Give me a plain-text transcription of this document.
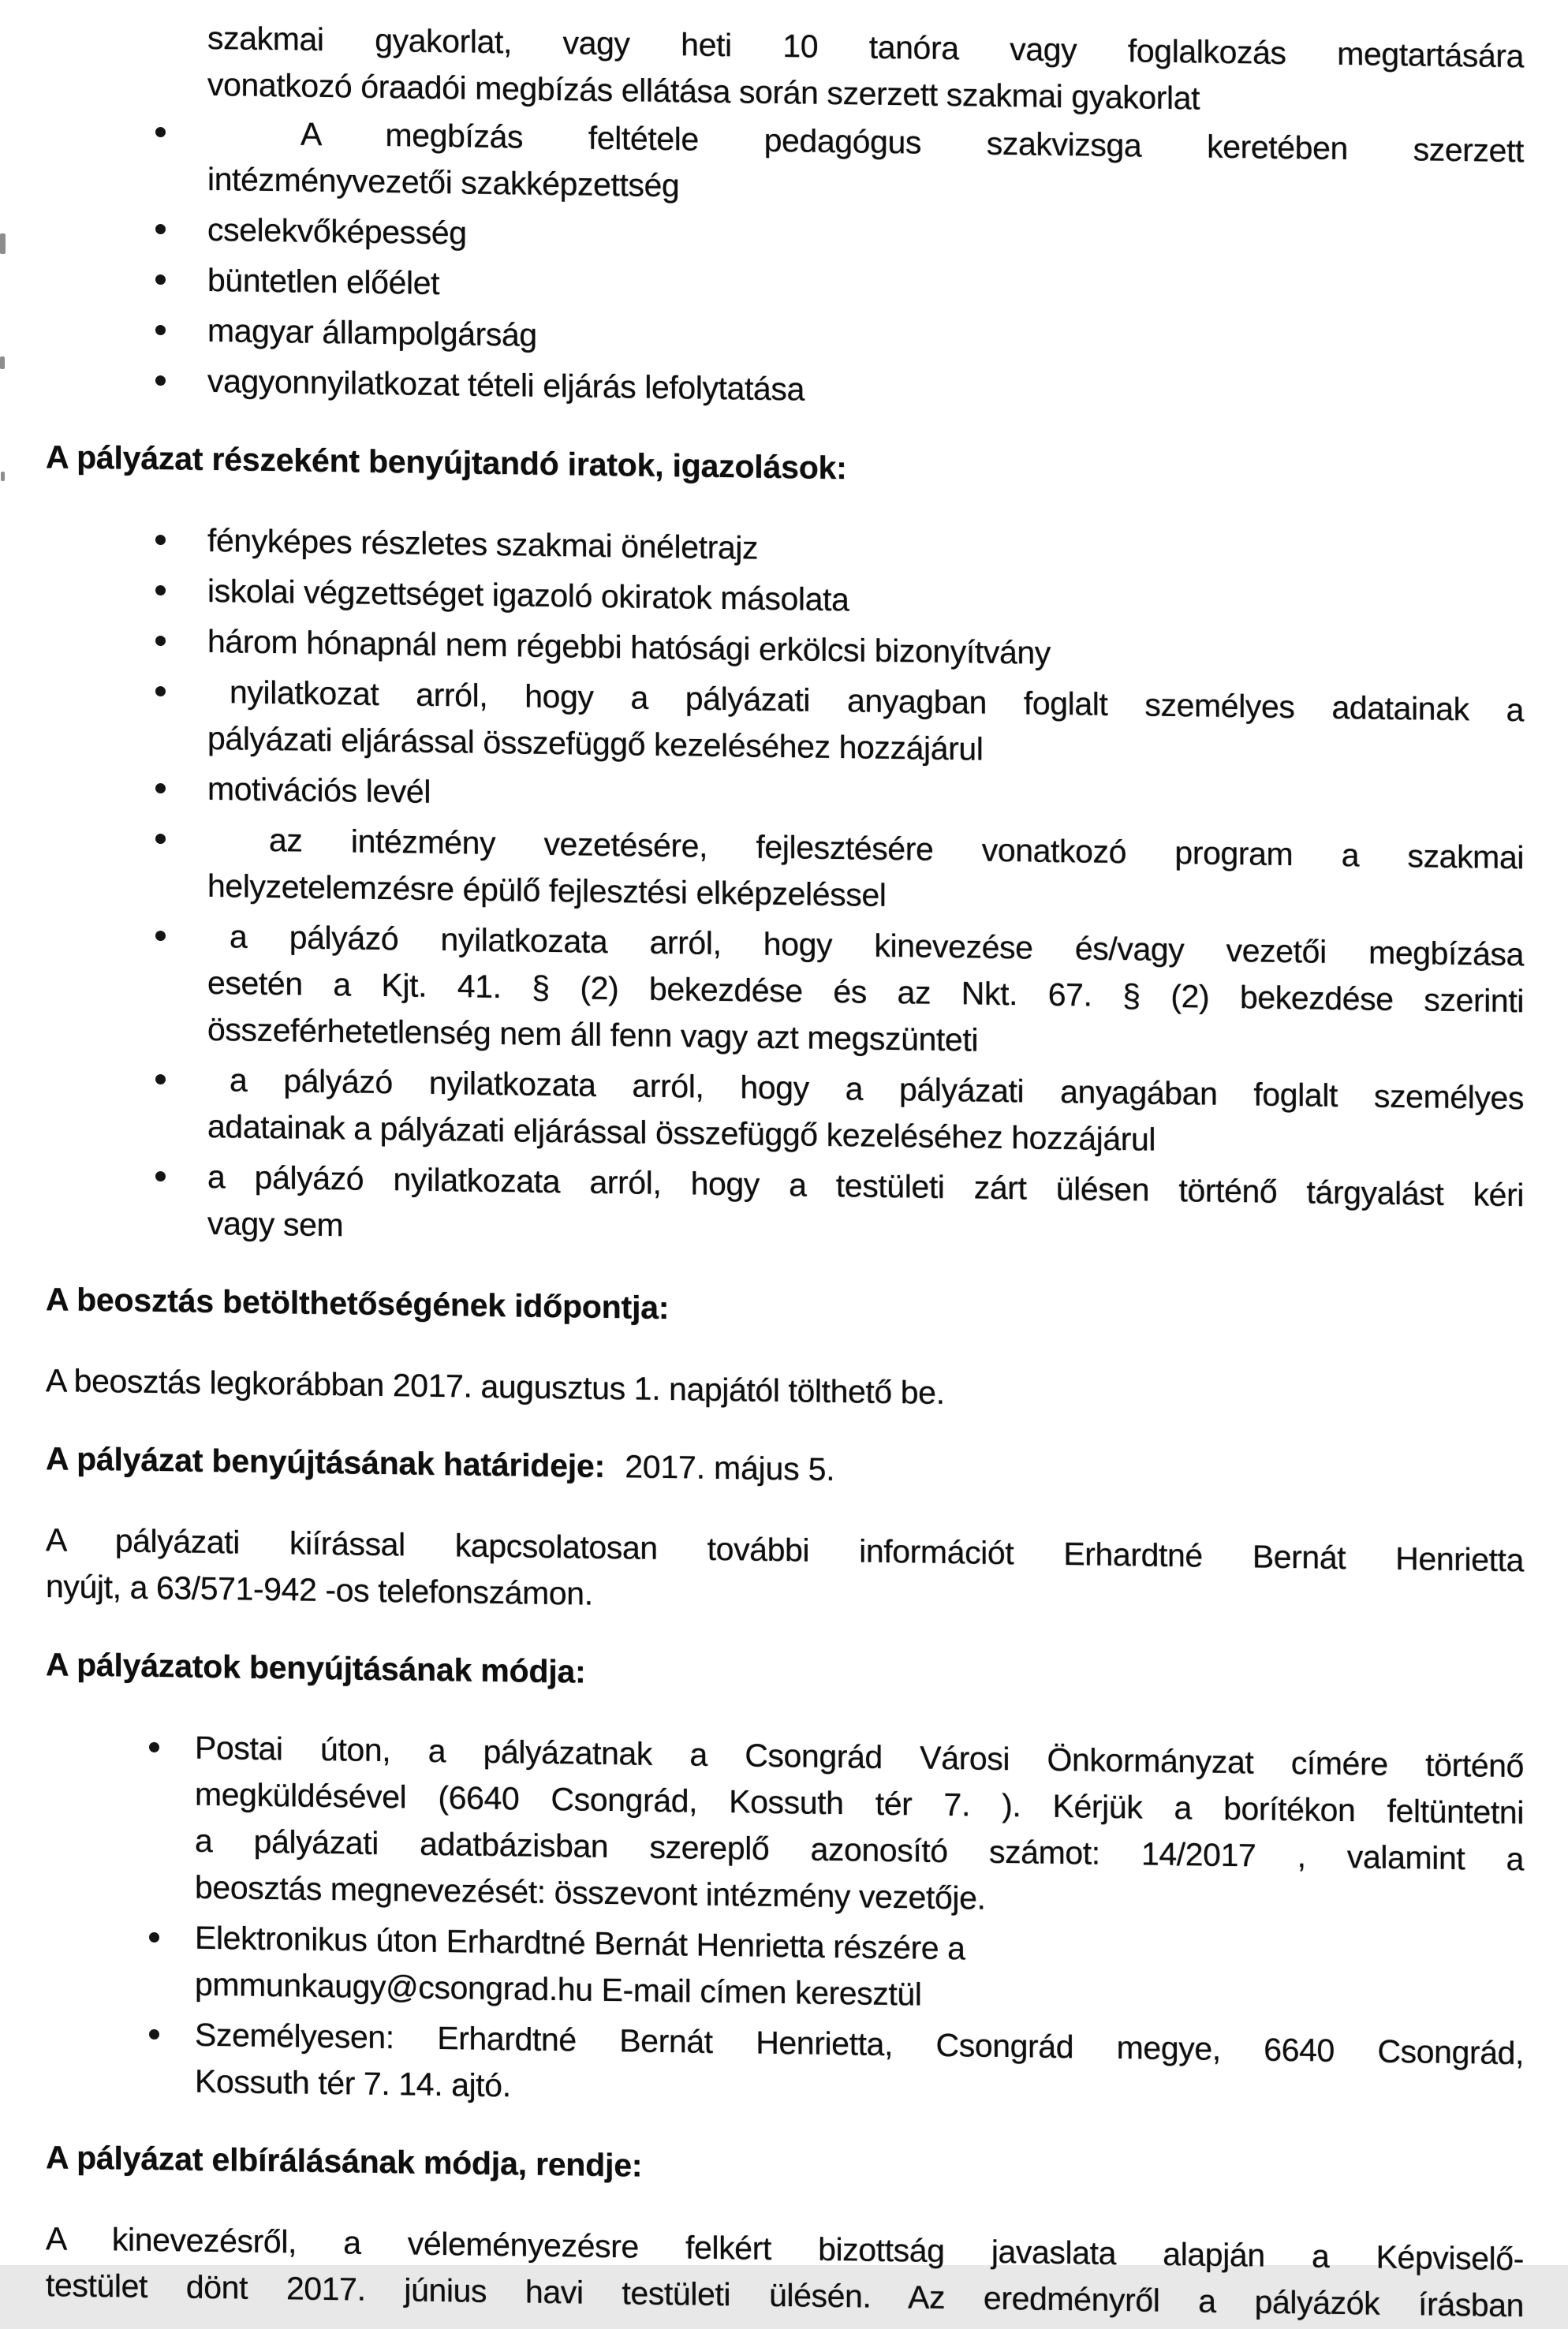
szakmai gyakorlat, vagy heti 10 tanóra vagy foglalkozás megtartására
vonatkozó óraadói megbízás ellátása során szerzett szakmai gyakorlat
A megbízás feltétele pedagógus szakvizsga keretében szerzett
intézményvezetői szakképzettség
cselekvőképesség
büntetlen előélet
magyar állampolgárság
vagyonnyilatkozat tételi eljárás lefolytatása
A pályázat részeként benyújtandó iratok, igazolások:
fényképes részletes szakmai önéletrajz
iskolai végzettséget igazoló okiratok másolata
három hónapnál nem régebbi hatósági erkölcsi bizonyítvány
nyilatkozat arról, hogy a pályázati anyagban foglalt személyes adatainak a
pályázati eljárással összefüggő kezeléséhez hozzájárul
motivációs levél
az intézmény vezetésére, fejlesztésére vonatkozó program a szakmai
helyzetelemzésre épülő fejlesztési elképzeléssel
a pályázó nyilatkozata arról, hogy kinevezése és/vagy vezetői megbízása
esetén a Kjt. 41. § (2) bekezdése és az Nkt. 67. § (2) bekezdése szerinti
összeférhetetlenség nem áll fenn vagy azt megszünteti
a pályázó nyilatkozata arról, hogy a pályázati anyagában foglalt személyes
adatainak a pályázati eljárással összefüggő kezeléséhez hozzájárul
a pályázó nyilatkozata arról, hogy a testületi zárt ülésen történő tárgyalást kéri
vagy sem
A beosztás betölthetőségének időpontja:

A beosztás legkorábban 2017. augusztus 1. napjától tölthető be.

A pályázat benyújtásának határideje: 2017. május 5.
A pályázati kiírással kapcsolatosan további információt Erhardtné Bernát Henrietta
nyújt, a 63/571-942 -os telefonszámon.
A pályázatok benyújtásának módja:
Postai úton, a pályázatnak a Csongrád Városi Önkormányzat címére történő
megküldésével (6640 Csongrád, Kossuth tér 7. ). Kérjük a borítékon feltüntetni
a pályázati adatbázisban szereplő azonosító számot: 14/2017 , valamint a
beosztás megnevezését: összevont intézmény vezetője.
Elektronikus úton Erhardtné Bernát Henrietta részére a
pmmunkaugy@csongrad.hu E-mail címen keresztül
Személyesen: Erhardtné Bernát Henrietta, Csongrád megye, 6640 Csongrád,
Kossuth tér 7. 14. ajtó.
A pályázat elbírálásának módja, rendje:
A kinevezésről, a véleményezésre felkért bizottság javaslata alapján a Képviselő-
testület dönt 2017. június havi testületi ülésén. Az eredményről a pályázók írásban
